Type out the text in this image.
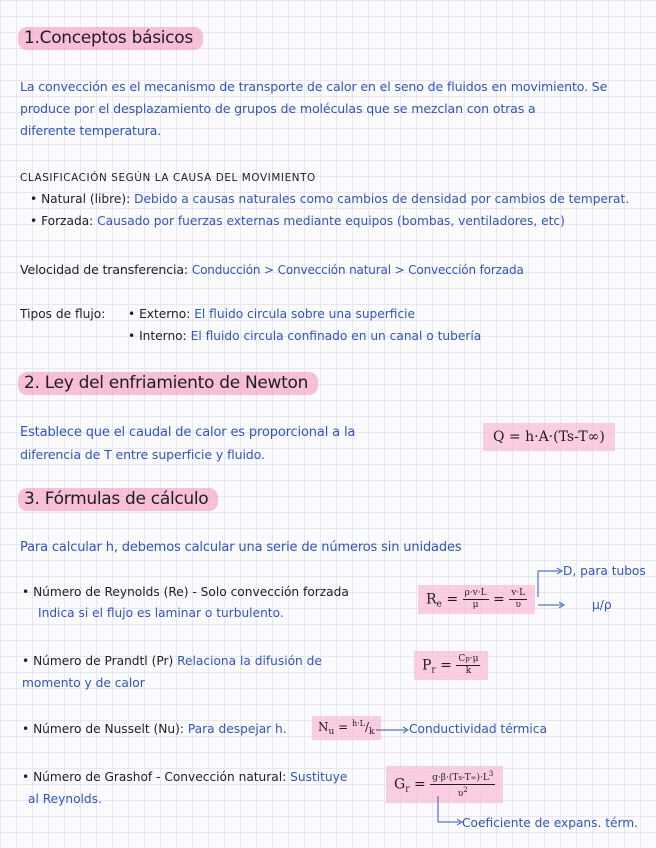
1.Conceptos básicos
La convección es el mecanismo de transporte de calor en el seno de fluidos en movimiento. Se
produce por el desplazamiento de grupos de moléculas que se mezclan con otras a
diferente temperatura.
CLASIFICACIÓN SEGÚN LA CAUSA DEL MOVIMIENTO
• Natural (libre): Debido a causas naturales como cambios de densidad por cambios de temperat.
• Forzada: Causado por fuerzas externas mediante equipos (bombas, ventiladores, etc)
Velocidad de transferencia: Conducción > Convección natural > Convección forzada
Tipos de flujo: • Externo: El fluido circula sobre una superficie
• Interno: El fluido circula confinado en un canal o tubería
2. Ley del enfriamiento de Newton
Establece que el caudal de calor es proporcional a la
diferencia de T entre superficie y fluido.
Q = h·A·(Ts-T∞)
3. Fórmulas de cálculo
Para calcular h, debemos calcular una serie de números sin unidades
• Número de Reynolds (Re) - Solo convección forzada
Indica si el flujo es laminar o turbulento.
$R_e = \frac{\rho\cdot v\cdot L}{\mu} = \frac{v\cdot L}{\upsilon}$
D, para tubos
μ/ρ
• Número de Prandtl (Pr) Relaciona la difusión de
momento y de calor
$P_r = \frac{Cp\cdot\mu}{k}$
• Número de Nusselt (Nu): Para despejar h.	$N_u = ^{h\cdot L}/_k$	Conductividad térmica
• Número de Grashof - Convección natural: Sustituye
al Reynolds.
$G_r = \frac{g\cdot\beta\cdot(Ts-T\infty)\cdot L^3}{\upsilon^2}$
Coeficiente de expans. térm.
